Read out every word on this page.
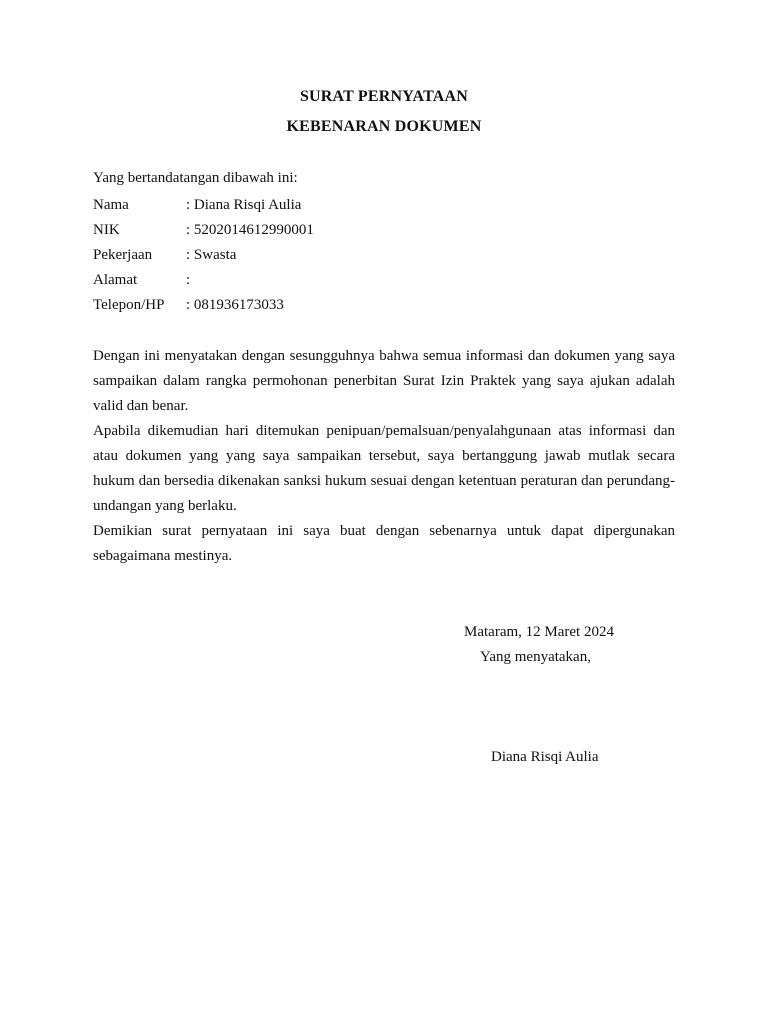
SURAT PERNYATAAN
KEBENARAN DOKUMEN
Yang bertandatangan dibawah ini:
Nama	: Diana Risqi Aulia
NIK	: 5202014612990001
Pekerjaan : Swasta
Alamat	:
Telepon/HP : 081936173033

Dengan ini menyatakan dengan sesungguhnya bahwa semua informasi dan dokumen yang saya sampaikan dalam rangka permohonan penerbitan Surat Izin Praktek yang saya ajukan adalah valid dan benar.

Apabila dikemudian hari ditemukan penipuan/pemalsuan/penyalahgunaan atas informasi dan atau dokumen yang yang saya sampaikan tersebut, saya bertanggung jawab mutlak secara hukum dan bersedia dikenakan sanksi hukum sesuai dengan ketentuan peraturan dan perundang-undangan yang berlaku.

Demikian surat pernyataan ini saya buat dengan sebenarnya untuk dapat dipergunakan sebagaimana mestinya.

Mataram, 12 Maret 2024
Yang menyatakan,
Diana Risqi Aulia
